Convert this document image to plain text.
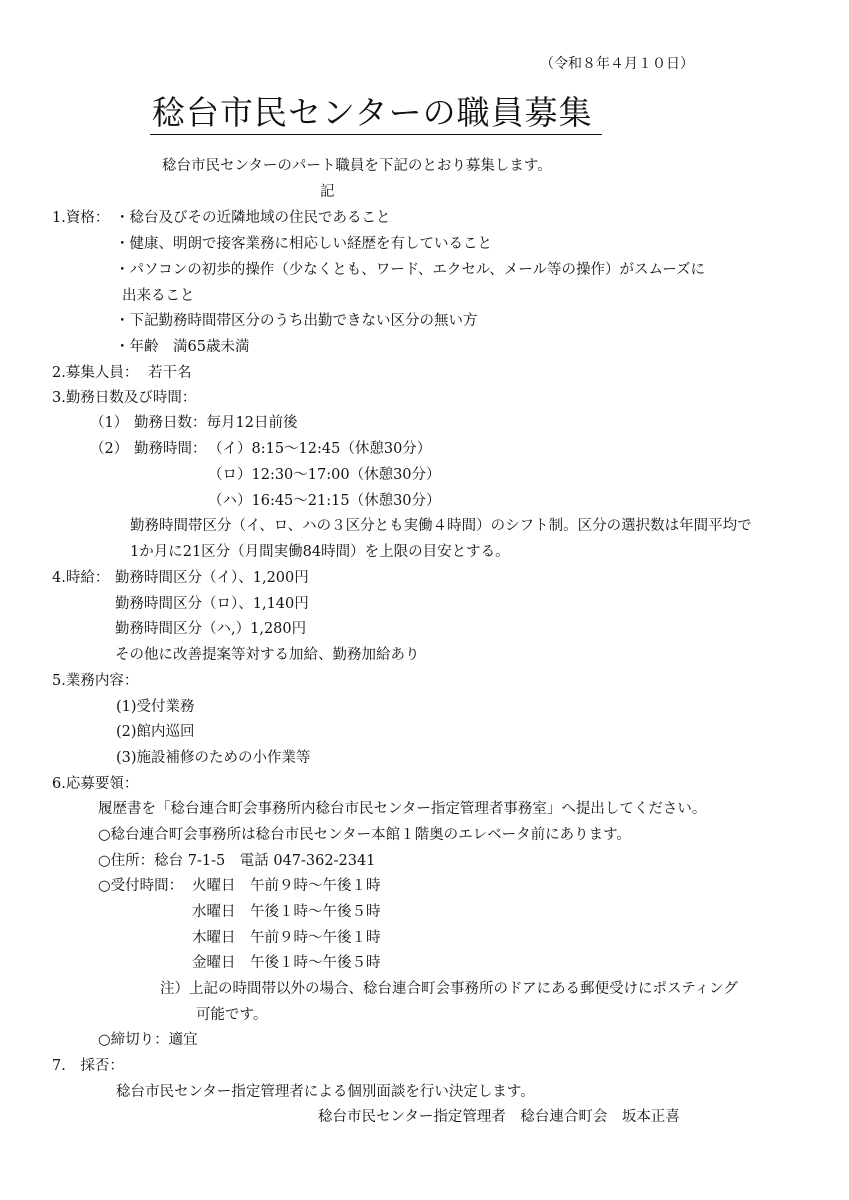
（令和８年４月１０日）
稔台市民センターの職員募集
稔台市民センターのパート職員を下記のとおり募集します。
記
1.資格： ・稔台及びその近隣地域の住民であること
・健康、明朗で接客業務に相応しい経歴を有していること
・パソコンの初歩的操作（少なくとも、ワード、エクセル、メール等の操作）がスムーズに
出来ること
・下記勤務時間帯区分のうち出勤できない区分の無い方
・年齢　満65歳未満
2.募集人員： 若干名
3.勤務日数及び時間：
（1） 勤務日数：毎月12日前後
（2） 勤務時間： （イ）8:15～12:45（休憩30分）
（ロ）12:30～17:00（休憩30分）
（ハ）16:45～21:15（休憩30分）
勤務時間帯区分（イ、ロ、ハの３区分とも実働４時間）のシフト制。区分の選択数は年間平均で
1か月に21区分（月間実働84時間）を上限の目安とする。
4.時給： 勤務時間区分（イ）、1,200円
勤務時間区分（ロ）、1,140円
勤務時間区分（ハ,）1,280円
その他に改善提案等対する加給、勤務加給あり
5.業務内容：
(1)受付業務
(2)館内巡回
(3)施設補修のための小作業等
6.応募要領：
履歴書を「稔台連合町会事務所内稔台市民センター指定管理者事務室」へ提出してください。
○稔台連合町会事務所は稔台市民センター本館１階奥のエレベータ前にあります。
○住所：稔台 7-1-5　電話 047-362-2341
○受付時間： 火曜日　午前９時～午後１時
水曜日　午後１時～午後５時
木曜日　午前９時～午後１時
金曜日　午後１時～午後５時
注）上記の時間帯以外の場合、稔台連合町会事務所のドアにある郵便受けにポスティング
可能です。
○締切り：適宜
7.　採否：
稔台市民センター指定管理者による個別面談を行い決定します。
稔台市民センター指定管理者　稔台連合町会　坂本正喜
